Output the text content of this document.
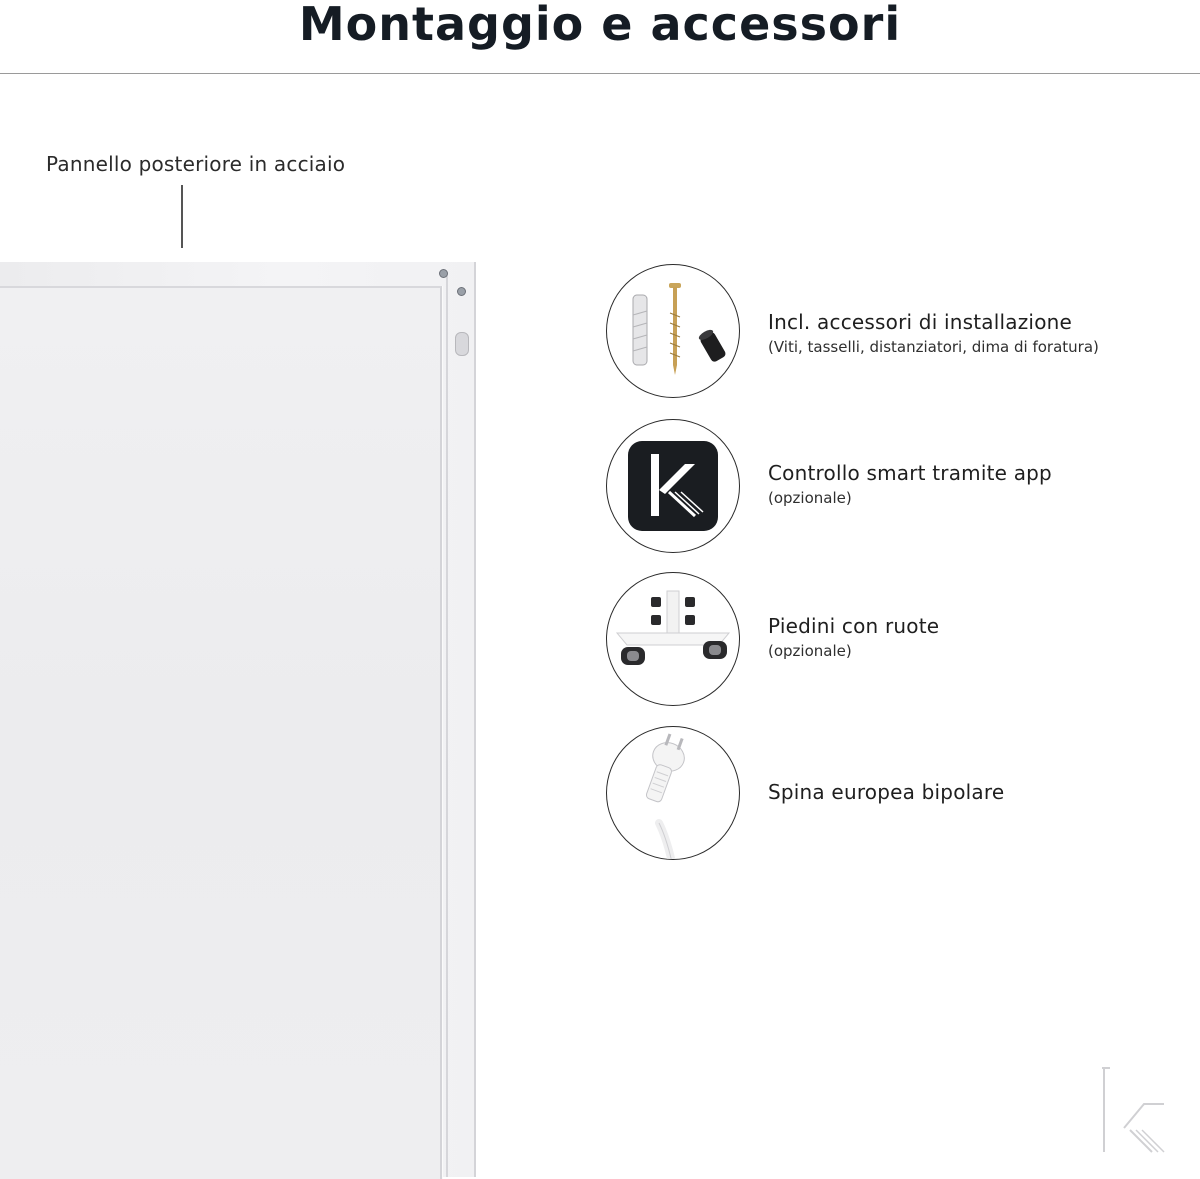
Montaggio e accessori
Pannello posteriore in acciaio
Incl. accessori di installazione
(Viti, tasselli, distanziatori, dima di foratura)
Controllo smart tramite app
(opzionale)
Piedini con ruote
(opzionale)
Spina europea bipolare
